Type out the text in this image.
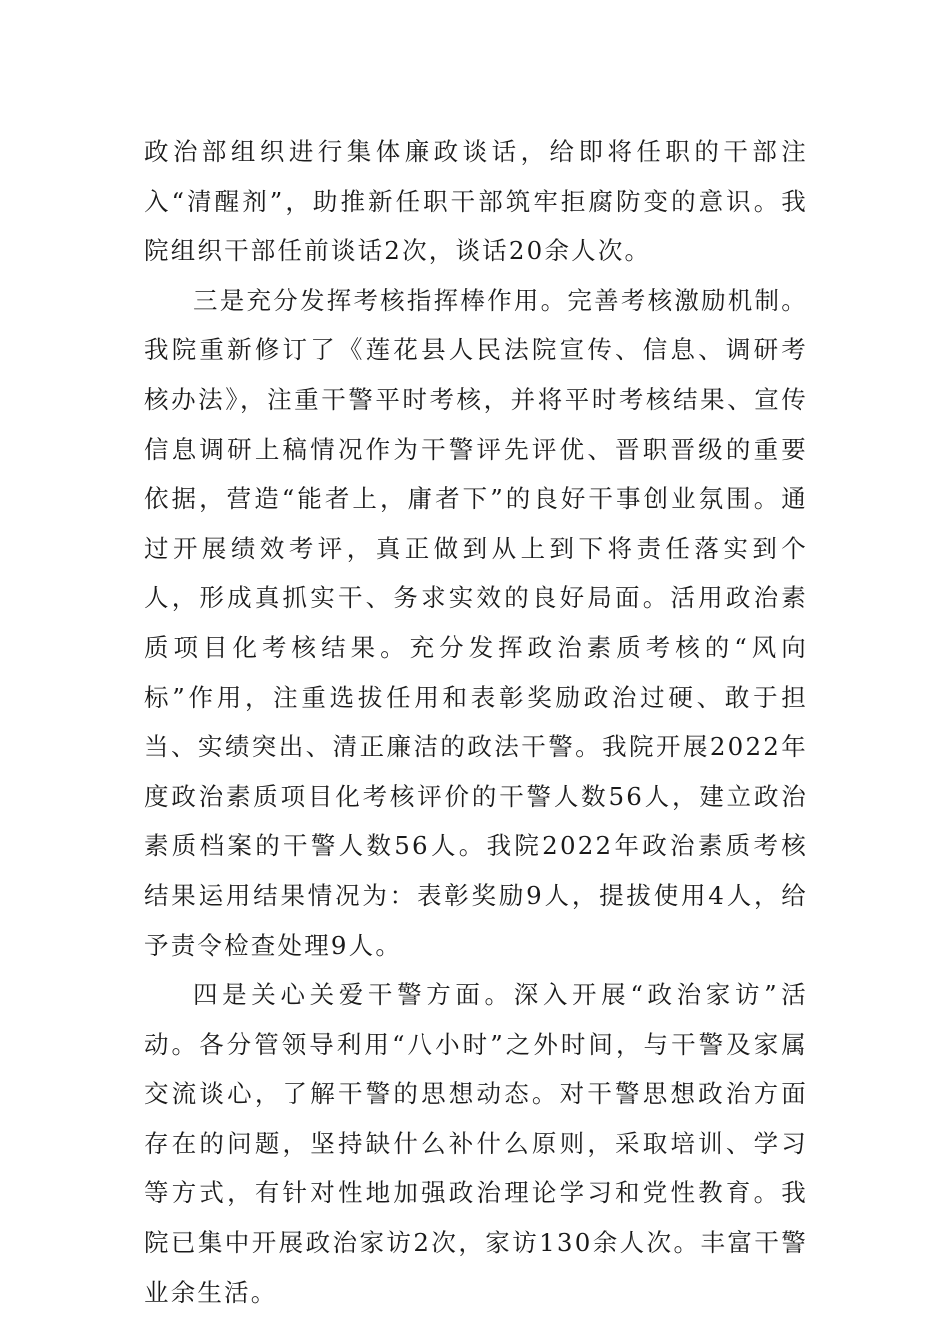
政治部组织进行集体廉政谈话，给即将任职的干部注入“清醒剂”，助推新任职干部筑牢拒腐防变的意识。我院组织干部任前谈话2次，谈话20余人次。

三是充分发挥考核指挥棒作用。完善考核激励机制。我院重新修订了《莲花县人民法院宣传、信息、调研考核办法》，注重干警平时考核，并将平时考核结果、宣传信息调研上稿情况作为干警评先评优、晋职晋级的重要依据，营造“能者上，庸者下”的良好干事创业氛围。通过开展绩效考评，真正做到从上到下将责任落实到个人，形成真抓实干、务求实效的良好局面。活用政治素质项目化考核结果。充分发挥政治素质考核的“风向标”作用，注重选拔任用和表彰奖励政治过硬、敢于担当、实绩突出、清正廉洁的政法干警。我院开展2022年度政治素质项目化考核评价的干警人数56人，建立政治素质档案的干警人数56人。我院2022年政治素质考核结果运用结果情况为：表彰奖励9人，提拔使用4人，给予责令检查处理9人。

四是关心关爱干警方面。深入开展“政治家访”活动。各分管领导利用“八小时”之外时间，与干警及家属交流谈心，了解干警的思想动态。对干警思想政治方面存在的问题，坚持缺什么补什么原则，采取培训、学习等方式，有针对性地加强政治理论学习和党性教育。我院已集中开展政治家访2次，家访130余人次。丰富干警业余生活。
